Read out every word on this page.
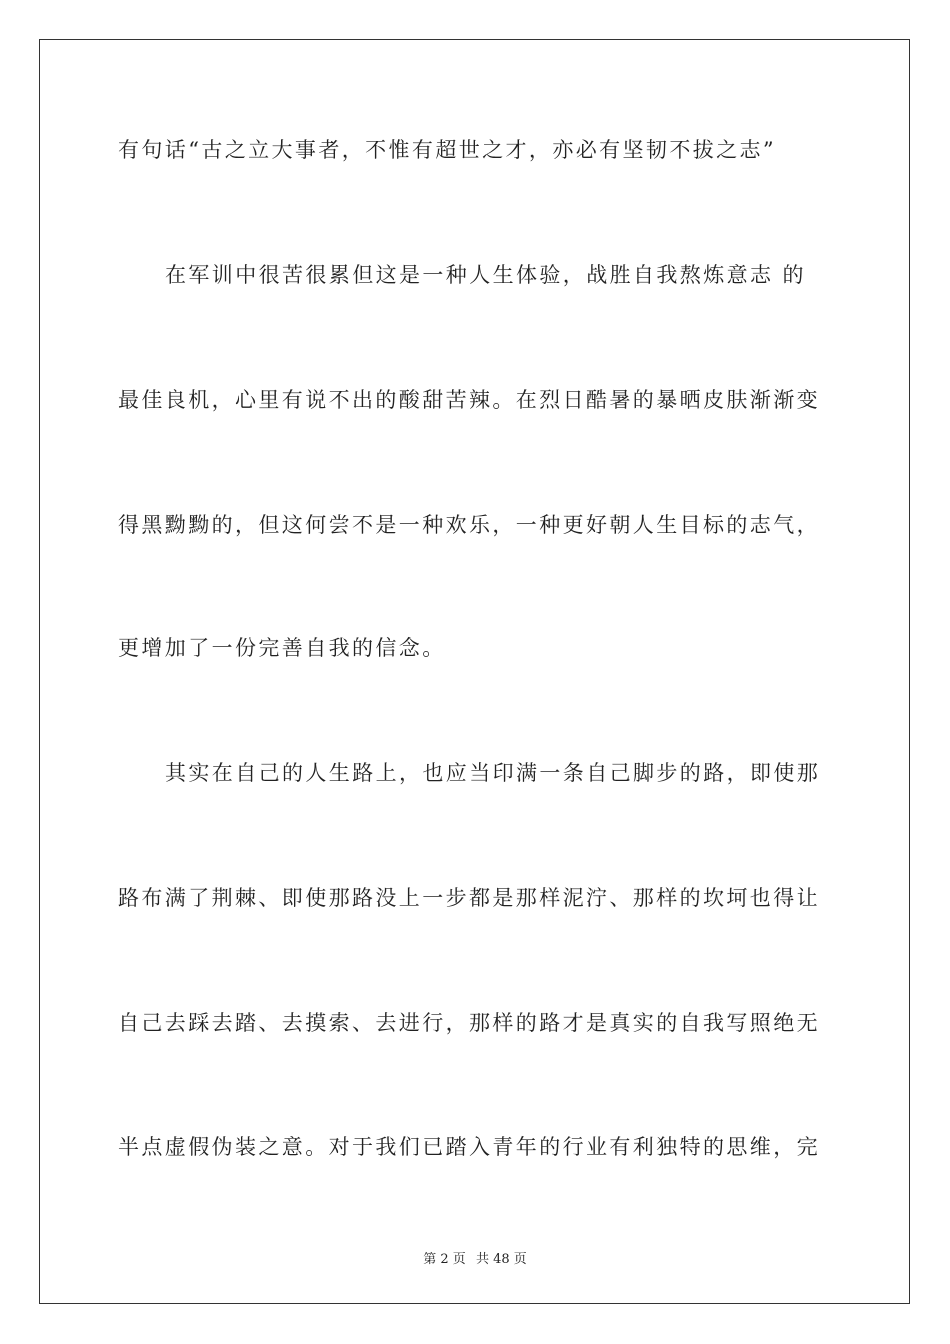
有句话“古之立大事者，不惟有超世之才，亦必有坚韧不拔之志”
在军训中很苦很累但这是一种人生体验，战胜自我熬炼意志 的
最佳良机，心里有说不出的酸甜苦辣。在烈日酷暑的暴晒皮肤渐渐变
得黑黝黝的，但这何尝不是一种欢乐，一种更好朝人生目标的志气，
更增加了一份完善自我的信念。
其实在自己的人生路上，也应当印满一条自己脚步的路，即使那
路布满了荆棘、即使那路没上一步都是那样泥泞、那样的坎坷也得让
自己去踩去踏、去摸索、去进行，那样的路才是真实的自我写照绝无
半点虚假伪装之意。对于我们已踏入青年的行业有利独特的思维，完
第 2 页 共 48 页
